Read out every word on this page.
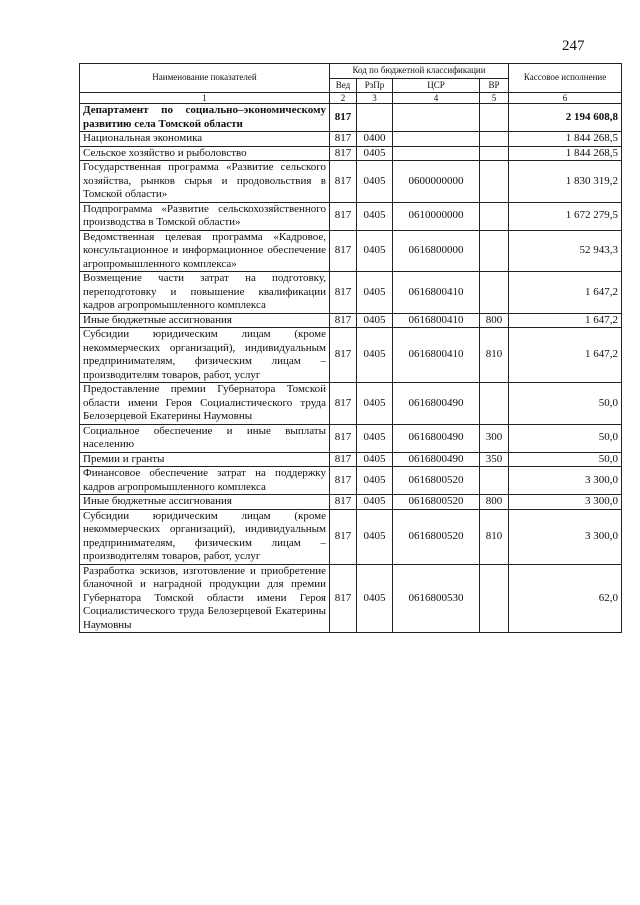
247
Наименование показателей	Код по бюджетной классификации				Кассовое исполнение
	Вед	РзПр	ЦСР	ВР	
1	2	3	4	5	6
Департамент по социально–экономическому развитию села Томской области	817				2 194 608,8
Национальная экономика	817	0400			1 844 268,5
Сельское хозяйство и рыболовство	817	0405			1 844 268,5
Государственная программа «Развитие сельского хозяйства, рынков сырья и продовольствия в Томской области»	817	0405	0600000000		1 830 319,2
Подпрограмма «Развитие сельскохозяйственного производства в Томской области»	817	0405	0610000000		1 672 279,5
Ведомственная целевая программа «Кадровое, консультационное и информационное обеспечение агропромышленного комплекса»	817	0405	0616800000		52 943,3
Возмещение части затрат на подготовку, переподготовку и повышение квалификации кадров агропромышленного комплекса	817	0405	0616800410		1 647,2
Иные бюджетные ассигнования	817	0405	0616800410	800	1 647,2
Субсидии юридическим лицам (кроме некоммерческих организаций), индивидуальным предпринимателям, физическим лицам – производителям товаров, работ, услуг	817	0405	0616800410	810	1 647,2
Предоставление премии Губернатора Томской области имени Героя Социалистического труда Белозерцевой Екатерины Наумовны	817	0405	0616800490		50,0
Социальное обеспечение и иные выплаты населению	817	0405	0616800490	300	50,0
Премии и гранты	817	0405	0616800490	350	50,0
Финансовое обеспечение затрат на поддержку кадров агропромышленного комплекса	817	0405	0616800520		3 300,0
Иные бюджетные ассигнования	817	0405	0616800520	800	3 300,0
Субсидии юридическим лицам (кроме некоммерческих организаций), индивидуальным предпринимателям, физическим лицам – производителям товаров, работ, услуг	817	0405	0616800520	810	3 300,0
Разработка эскизов, изготовление и приобретение бланочной и наградной продукции для премии Губернатора Томской области имени Героя Социалистического труда Белозерцевой Екатерины Наумовны	817	0405	0616800530		62,0
